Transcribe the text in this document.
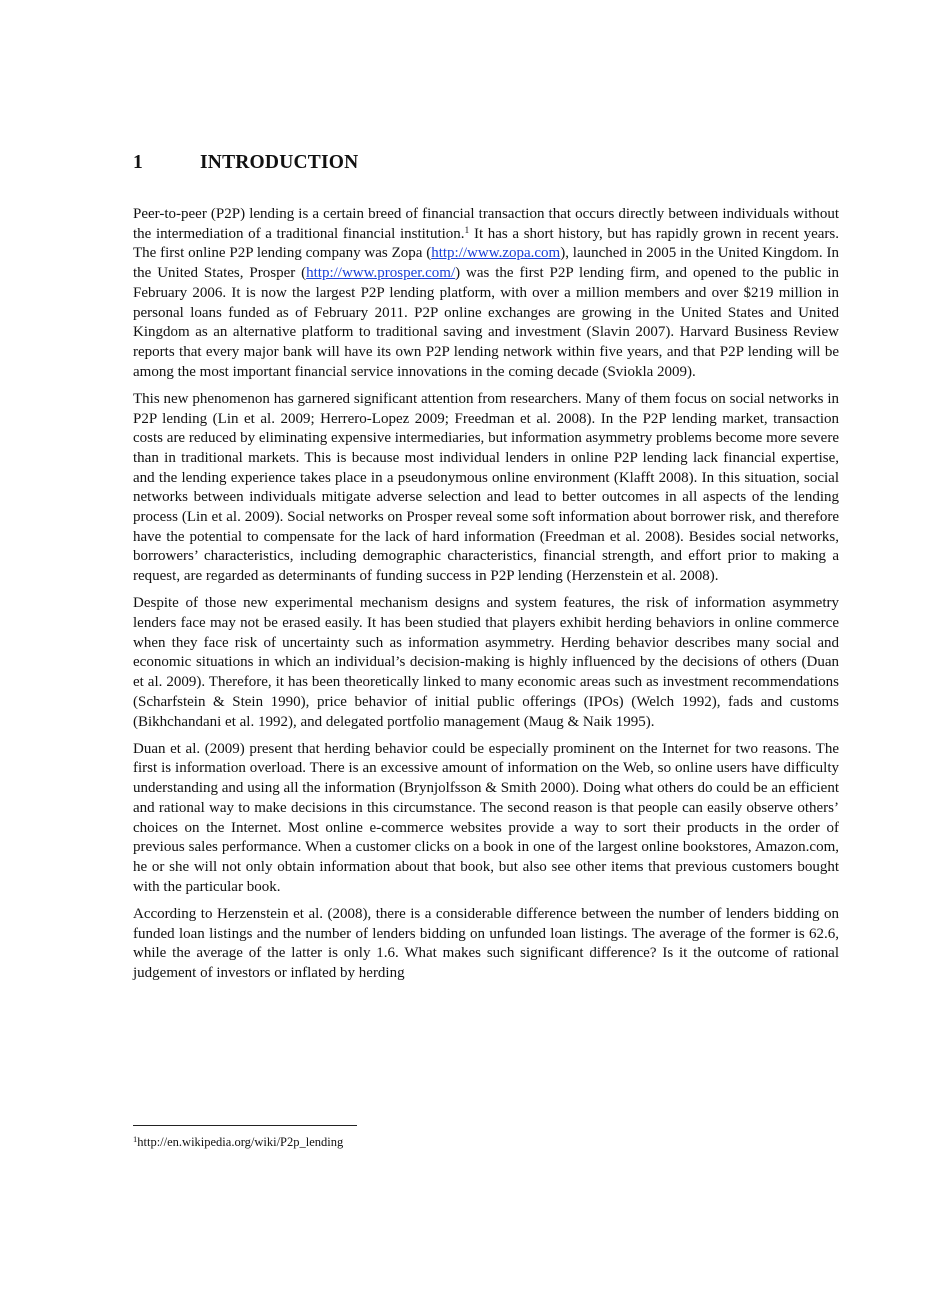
1	INTRODUCTION

Peer-to-peer (P2P) lending is a certain breed of financial transaction that occurs directly between individuals without the intermediation of a traditional financial institution.$^1$ It has a short history, but has rapidly grown in recent years. The first online P2P lending company was Zopa (http://www.zopa.com), launched in 2005 in the United Kingdom. In the United States, Prosper (http://www.prosper.com/) was the first P2P lending firm, and opened to the public in February 2006. It is now the largest P2P lending platform, with over a million members and over $219 million in personal loans funded as of February 2011. P2P online exchanges are growing in the United States and United Kingdom as an alternative platform to traditional saving and investment (Slavin 2007). Harvard Business Review reports that every major bank will have its own P2P lending network within five years, and that P2P lending will be among the most important financial service innovations in the coming decade (Sviokla 2009).

This new phenomenon has garnered significant attention from researchers. Many of them focus on social networks in P2P lending (Lin et al. 2009; Herrero-Lopez 2009; Freedman et al. 2008). In the P2P lending market, transaction costs are reduced by eliminating expensive intermediaries, but information asymmetry problems become more severe than in traditional markets. This is because most individual lenders in online P2P lending lack financial expertise, and the lending experience takes place in a pseudonymous online environment (Klafft 2008). In this situation, social networks between individuals mitigate adverse selection and lead to better outcomes in all aspects of the lending process (Lin et al. 2009). Social networks on Prosper reveal some soft information about borrower risk, and therefore have the potential to compensate for the lack of hard information (Freedman et al. 2008). Besides social networks, borrowers’ characteristics, including demographic characteristics, financial strength, and effort prior to making a request, are regarded as determinants of funding success in P2P lending (Herzenstein et al. 2008).

Despite of those new experimental mechanism designs and system features, the risk of information asymmetry lenders face may not be erased easily. It has been studied that players exhibit herding behaviors in online commerce when they face risk of uncertainty such as information asymmetry. Herding behavior describes many social and economic situations in which an individual’s decision-making is highly influenced by the decisions of others (Duan et al. 2009). Therefore, it has been theoretically linked to many economic areas such as investment recommendations (Scharfstein & Stein 1990), price behavior of initial public offerings (IPOs) (Welch 1992), fads and customs (Bikhchandani et al. 1992), and delegated portfolio management (Maug & Naik 1995).

Duan et al. (2009) present that herding behavior could be especially prominent on the Internet for two reasons. The first is information overload. There is an excessive amount of information on the Web, so online users have difficulty understanding and using all the information (Brynjolfsson & Smith 2000). Doing what others do could be an efficient and rational way to make decisions in this circumstance. The second reason is that people can easily observe others’ choices on the Internet. Most online e-commerce websites provide a way to sort their products in the order of previous sales performance. When a customer clicks on a book in one of the largest online bookstores, Amazon.com, he or she will not only obtain information about that book, but also see other items that previous customers bought with the particular book.

According to Herzenstein et al. (2008), there is a considerable difference between the number of lenders bidding on funded loan listings and the number of lenders bidding on unfunded loan listings. The average of the former is 62.6, while the average of the latter is only 1.6. What makes such significant difference? Is it the outcome of rational judgement of investors or inflated by herding

$^1$http://en.wikipedia.org/wiki/P2p_lending
